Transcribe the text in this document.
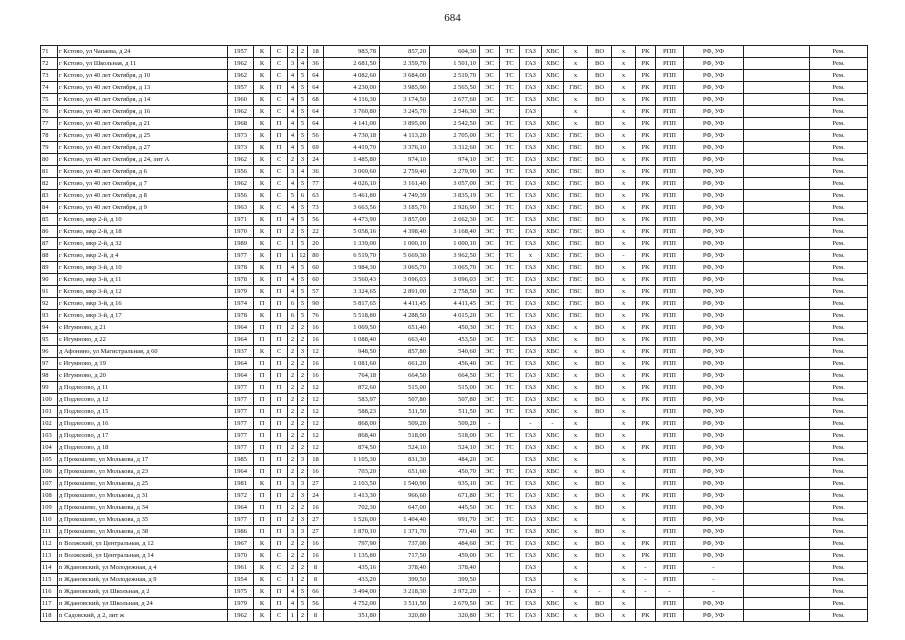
684
71	г Кстово, ул Чапаева, д 24	1957	К	С	2	2	18	983,78	857,20	604,30	ЭС	ТС	ГАЗ	ХВС	х	ВО	х	РК	РПП	РФ, УФ		Рем.
72	г Кстово, ул Школьная, д 11	1962	К	С	3	4	36	2 681,50	2 359,70	1 501,10	ЭС	ТС	ГАЗ	ХВС	х	ВО	х	РК	РПП	РФ, УФ		Рем.
73	г Кстово, ул 40 лет Октября, д 10	1962	К	С	4	5	64	4 082,60	3 684,00	2 519,70	ЭС	ТС	ГАЗ	ХВС	х	ВО	х	РК	РПП	РФ, УФ		Рем.
74	г Кстово, ул 40 лет Октября, д 13	1957	К	П	4	5	64	4 230,00	3 985,90	2 565,50	ЭС	ТС	ГАЗ	ХВС	ГВС	ВО	х	РК	РПП	РФ, УФ		Рем.
75	г Кстово, ул 40 лет Октября, д 14	1960	К	С	4	5	68	4 116,30	3 174,50	2 677,60	ЭС	ТС	ГАЗ	ХВС	х	ВО	х	РК	РПП	РФ, УФ		Рем.
76	г Кстово, ул 40 лет Октября, д 16	1962	К	С	4	5	64	3 760,80	3 245,70	2 546,30	ЭС		ГАЗ		х		х	РК	РПП	РФ, УФ		Рем.
77	г Кстово, ул 40 лет Октября, д 21	1968	К	П	4	5	64	4 141,00	3 895,00	2 542,50	ЭС	ТС	ГАЗ	ХВС	х	ВО	х	РК	РПП	РФ, УФ		Рем.
78	г Кстово, ул 40 лет Октября, д 25	1973	К	П	4	5	56	4 730,18	4 113,20	2 705,00	ЭС	ТС	ГАЗ	ХВС	ГВС	ВО	х	РК	РПП	РФ, УФ		Рем.
79	г Кстово, ул 40 лет Октября, д 27	1973	К	П	4	5	69	4 419,70	3 376,10	3 312,60	ЭС	ТС	ГАЗ	ХВС	ГВС	ВО	х	РК	РПП	РФ, УФ		Рем.
80	г Кстово, ул 40 лет Октября, д 24, лит А	1962	К	С	2	3	24	1 485,80	974,10	974,10	ЭС	ТС	ГАЗ	ХВС	ГВС	ВО	х	РК	РПП	РФ, УФ		Рем.
81	г Кстово, ул 40 лет Октября, д 6	1956	К	С	3	4	36	3 069,60	2 759,40	2 279,90	ЭС	ТС	ГАЗ	ХВС	ГВС	ВО	х	РК	РПП	РФ, УФ		Рем.
82	г Кстово, ул 40 лет Октября, д 7	1962	К	С	4	5	77	4 026,10	3 161,40	3 057,00	ЭС	ТС	ГАЗ	ХВС	ГВС	ВО	х	РК	РПП	РФ, УФ		Рем.
83	г Кстово, ул 40 лет Октября, д 8	1956	К	С	5	6	63	5 461,80	4 749,39	3 835,19	ЭС	ТС	ГАЗ	ХВС	ГВС	ВО	х	РК	РПП	РФ, УФ		Рем.
84	г Кстово, ул 40 лет Октября, д 9	1963	К	С	4	5	73	3 663,56	3 185,70	2 926,90	ЭС	ТС	ГАЗ	ХВС	ГВС	ВО	х	РК	РПП	РФ, УФ		Рем.
85	г Кстово, мкр 2-й, д 10	1971	К	П	4	5	56	4 473,90	3 857,00	2 662,30	ЭС	ТС	ГАЗ	ХВС	ГВС	ВО	х	РК	РПП	РФ, УФ		Рем.
86	г Кстово, мкр 2-й, д 18	1970	К	П	2	5	22	5 058,16	4 398,40	3 168,40	ЭС	ТС	ГАЗ	ХВС	ГВС	ВО	х	РК	РПП	РФ, УФ		Рем.
87	г Кстово, мкр 2-й, д 32	1989	К	С	1	5	20	1 339,00	1 000,10	1 000,10	ЭС	ТС	ГАЗ	ХВС	ГВС	ВО	х	РК	РПП	РФ, УФ		Рем.
88	г Кстово, мкр 2-й, д 4	1977	К	П	1	12	80	6 519,70	5 669,30	3 962,50	ЭС	ТС	х	ХВС	ГВС	ВО	-	РК	РПП	РФ, УФ		Рем.
89	г Кстово, мкр 3-й, д 10	1978	К	П	4	5	60	3 984,30	3 065,70	3 065,70	ЭС	ТС	ГАЗ	ХВС	ГВС	ВО	х	РК	РПП	РФ, УФ		Рем.
90	г Кстово, мкр 3-й, д 11	1978	К	П	4	5	60	3 560,43	3 096,03	3 096,03	ЭС	ТС	ГАЗ	ХВС	ГВС	ВО	х	РК	РПП	РФ, УФ		Рем.
91	г Кстово, мкр 3-й, д 12	1979	К	П	4	5	57	3 324,65	2 891,00	2 758,50	ЭС	ТС	ГАЗ	ХВС	ГВС	ВО	х	РК	РПП	РФ, УФ		Рем.
92	г Кстово, мкр 3-й, д 16	1974	П	П	6	5	90	5 817,65	4 411,45	4 411,45	ЭС	ТС	ГАЗ	ХВС	ГВС	ВО	х	РК	РПП	РФ, УФ		Рем.
93	г Кстово, мкр 3-й, д 17	1978	К	П	6	5	76	5 518,80	4 288,50	4 015,20	ЭС	ТС	ГАЗ	ХВС	ГВС	ВО	х	РК	РПП	РФ, УФ		Рем.
94	с Игумново, д 21	1964	П	П	2	2	16	1 069,50	651,40	450,30	ЭС	ТС	ГАЗ	ХВС	х	ВО	х	РК	РПП	РФ, УФ		Рем.
95	с Игумново, д 22	1964	П	П	2	2	16	1 088,40	663,40	453,50	ЭС	ТС	ГАЗ	ХВС	х	ВО	х	РК	РПП	РФ, УФ		Рем.
96	д Афонино, ул Магистральная, д 60	1937	К	С	2	3	12	948,50	857,80	540,60	ЭС	ТС	ГАЗ	ХВС	х	ВО	х	РК	РПП	РФ, УФ		Рем.
97	с Игумново, д 19	1964	П	П	2	2	16	1 081,60	661,20	456,40	ЭС	ТС	ГАЗ	ХВС	х	ВО	х	РК	РПП	РФ, УФ		Рем.
98	с Игумново, д 20	1964	П	П	2	2	16	764,18	664,50	664,50	ЭС	ТС	ГАЗ	ХВС	х	ВО	х	РК	РПП	РФ, УФ		Рем.
99	д Подлесово, д 11	1977	П	П	2	2	12	872,60	515,00	515,00	ЭС	ТС	ГАЗ	ХВС	х	ВО	х	РК	РПП	РФ, УФ		Рем.
100	д Подлесово, д 12	1977	П	П	2	2	12	583,97	507,80	507,80	ЭС	ТС	ГАЗ	ХВС	х	ВО	х	РК	РПП	РФ, УФ		Рем.
101	д Подлесово, д 15	1977	П	П	2	2	12	588,23	511,50	511,50	ЭС	ТС	ГАЗ	ХВС	х	ВО	х		РПП	РФ, УФ		Рем.
102	д Подлесово, д 16	1977	П	П	2	2	12	868,00	509,20	509,20	-		-	-	х		х	РК	РПП	РФ, УФ		Рем.
103	д Подлесово, д 17	1977	П	П	2	2	12	868,40	518,00	518,00	ЭС	ТС	ГАЗ	ХВС	х	ВО	х		РПП	РФ, УФ		Рем.
104	д Подлесово, д 18	1977	П	П	2	2	12	874,50	524,10	524,10	ЭС	ТС	ГАЗ	ХВС	х	ВО	х	РК	РПП	РФ, УФ		Рем.
105	д Прокошево, ул Молькова, д 17	1985	П	П	2	3	18	1 105,30	831,30	484,20	ЭС		ГАЗ	ХВС	х		х		РПП	РФ, УФ		Рем.
106	д Прокошево, ул Молькова, д 23	1964	П	П	2	2	16	703,20	651,60	450,70	ЭС	ТС	ГАЗ	ХВС	х	ВО	х		РПП	РФ, УФ		Рем.
107	д Прокошево, ул Молькова, д 25	1981	К	П	3	3	27	2 103,50	1 540,90	935,10	ЭС	ТС	ГАЗ	ХВС	х	ВО	х		РПП	РФ, УФ		Рем.
108	д Прокошево, ул Молькова, д 31	1972	П	П	2	3	24	1 413,30	966,60	671,80	ЭС	ТС	ГАЗ	ХВС	х	ВО	х	РК	РПП	РФ, УФ		Рем.
109	д Прокошево, ул Молькова, д 34	1964	П	П	2	2	16	702,30	647,00	445,50	ЭС	ТС	ГАЗ	ХВС	х	ВО	х		РПП	РФ, УФ		Рем.
110	д Прокошево, ул Молькова, д 35	1977	П	П	2	3	27	1 526,00	1 404,40	991,70	ЭС	ТС	ГАЗ	ХВС	х		х		РПП	РФ, УФ		Рем.
111	д Прокошево, ул Молькова, д 38	1986	П	П	3	3	27	1 870,10	1 371,70	771,40	ЭС	ТС	ГАЗ	ХВС	х	ВО	х		РПП	РФ, УФ		Рем.
112	п Волжский, ул Центральная, д 12	1967	К	П	2	2	16	797,90	737,00	484,60	ЭС	ТС	ГАЗ	ХВС	х	ВО	х	РК	РПП	РФ, УФ		Рем.
113	п Волжский, ул Центральная, д 14	1970	К	С	2	2	16	1 135,80	717,50	459,00	ЭС	ТС	ГАЗ	ХВС	х	ВО	х	РК	РПП	РФ, УФ		Рем.
114	п Ждановский, ул Молодежная, д 4	1961	К	С	2	2	8	435,16	378,40	378,40			ГАЗ		х		х	-	РПП	-		Рем.
115	п Ждановский, ул Молодежная, д 9	1954	К	С	1	2	8	433,20	399,50	399,50			ГАЗ		х		х	-	РПП	-		Рем.
116	п Ждановский, ул Школьная, д 2	1975	К	П	4	5	66	3 494,00	3 218,30	2 972,20	-	-	ГАЗ	-	х	-	х	-	-	-		Рем.
117	п Ждановский, ул Школьная, д 24	1979	К	П	4	5	56	4 752,00	3 511,50	2 679,50	ЭС	ТС	ГАЗ	ХВС	х	ВО	х		РПП	РФ, УФ		Рем.
118	п Садовский, д 2, лит ж	1962	К	С	1	2	8	351,80	320,80	320,80	ЭС	ТС	ГАЗ	ХВС	х	ВО	х	РК	РПП	РФ, УФ		Рем.
